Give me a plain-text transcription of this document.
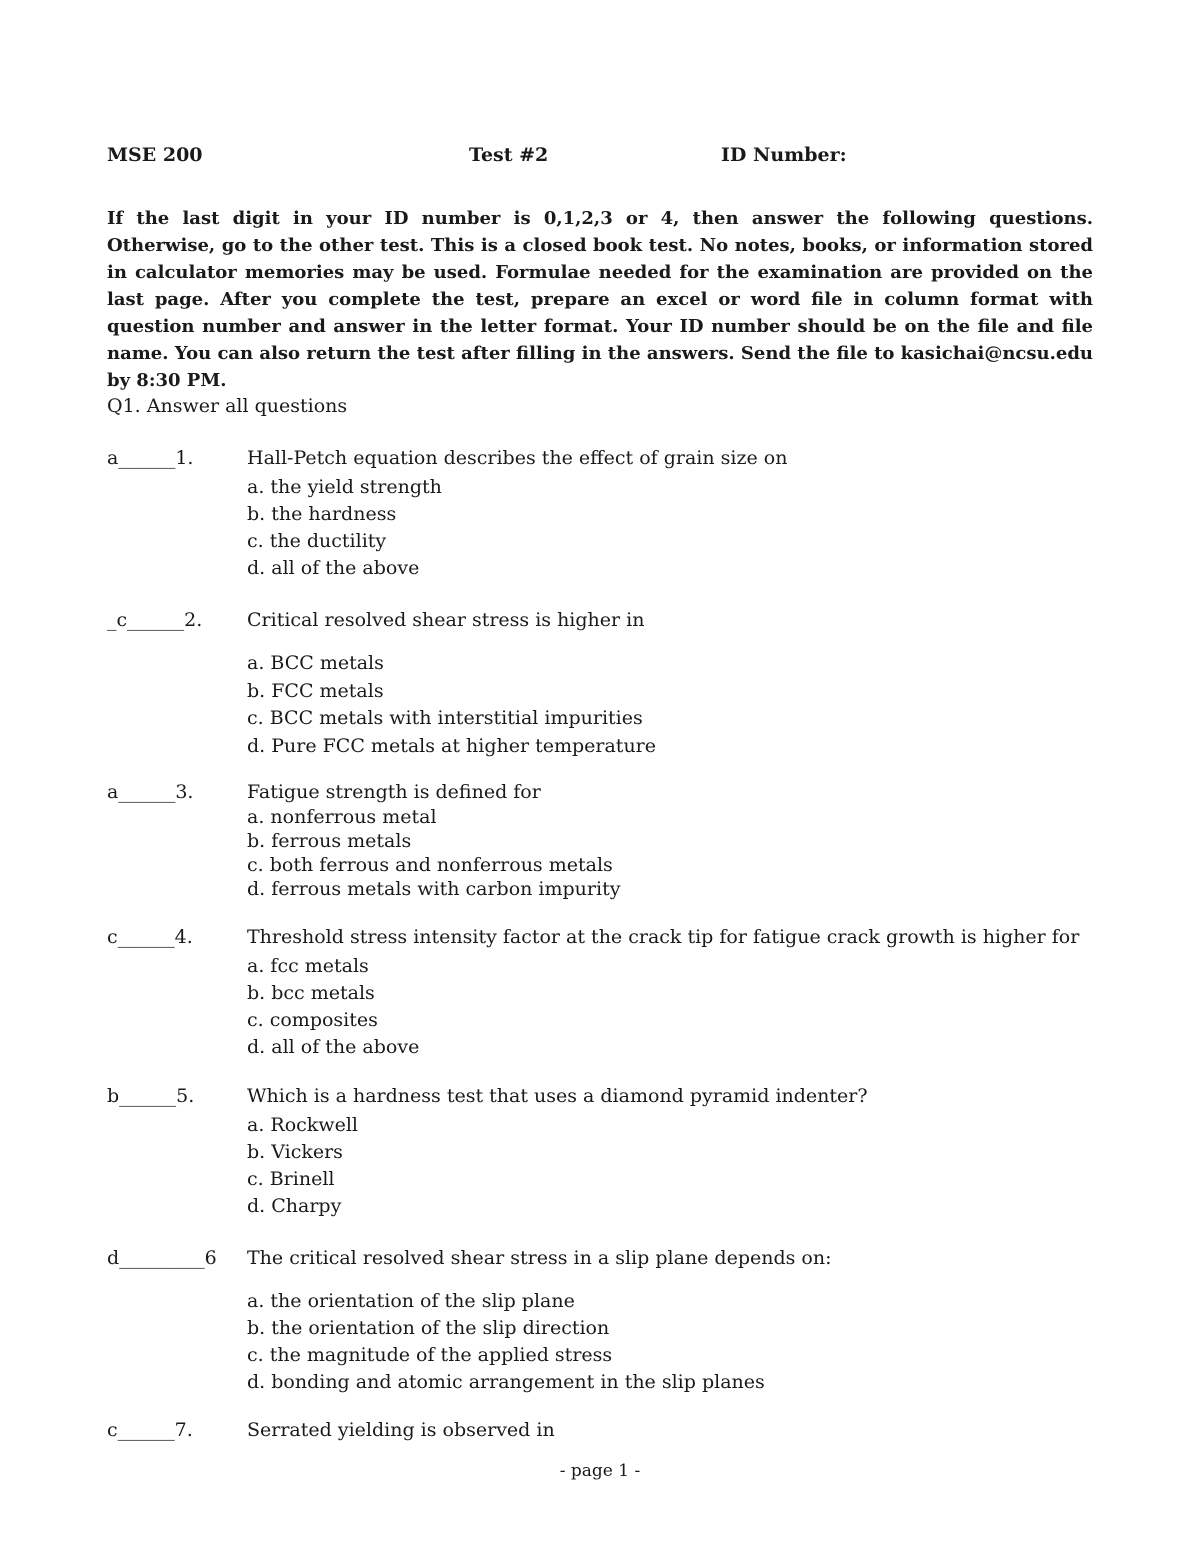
MSE 200	Test #2	ID Number:
If the last digit in your ID number is 0,1,2,3 or 4, then answer the following questions. Otherwise, go to the other test. This is a closed book test. No notes, books, or information stored in calculator memories may be used. Formulae needed for the examination are provided on the last page. After you complete the test, prepare an excel or word file in column format with question number and answer in the letter format. Your ID number should be on the file and file name. You can also return the test after filling in the answers. Send the file to kasichai@ncsu.edu by 8:30 PM.
Q1. Answer all questions
a______1.	Hall-Petch equation describes the effect of grain size on
a. the yield strength
b. the hardness
c. the ductility
d. all of the above
_c______2. Critical resolved shear stress is higher in
a. BCC metals
b. FCC metals
c. BCC metals with interstitial impurities
d. Pure FCC metals at higher temperature
a______3.	Fatigue strength is defined for
a. nonferrous metal
b. ferrous metals
c. both ferrous and nonferrous metals
d. ferrous metals with carbon impurity
c______4.	Threshold stress intensity factor at the crack tip for fatigue crack growth is higher for
a. fcc metals
b. bcc metals
c. composites
d. all of the above
b______5.	Which is a hardness test that uses a diamond pyramid indenter?
a. Rockwell
b. Vickers
c. Brinell
d. Charpy
d_________6 The critical resolved shear stress in a slip plane depends on:
a. the orientation of the slip plane
b. the orientation of the slip direction
c. the magnitude of the applied stress
d. bonding and atomic arrangement in the slip planes
c______7.	Serrated yielding is observed in
- page 1 -
